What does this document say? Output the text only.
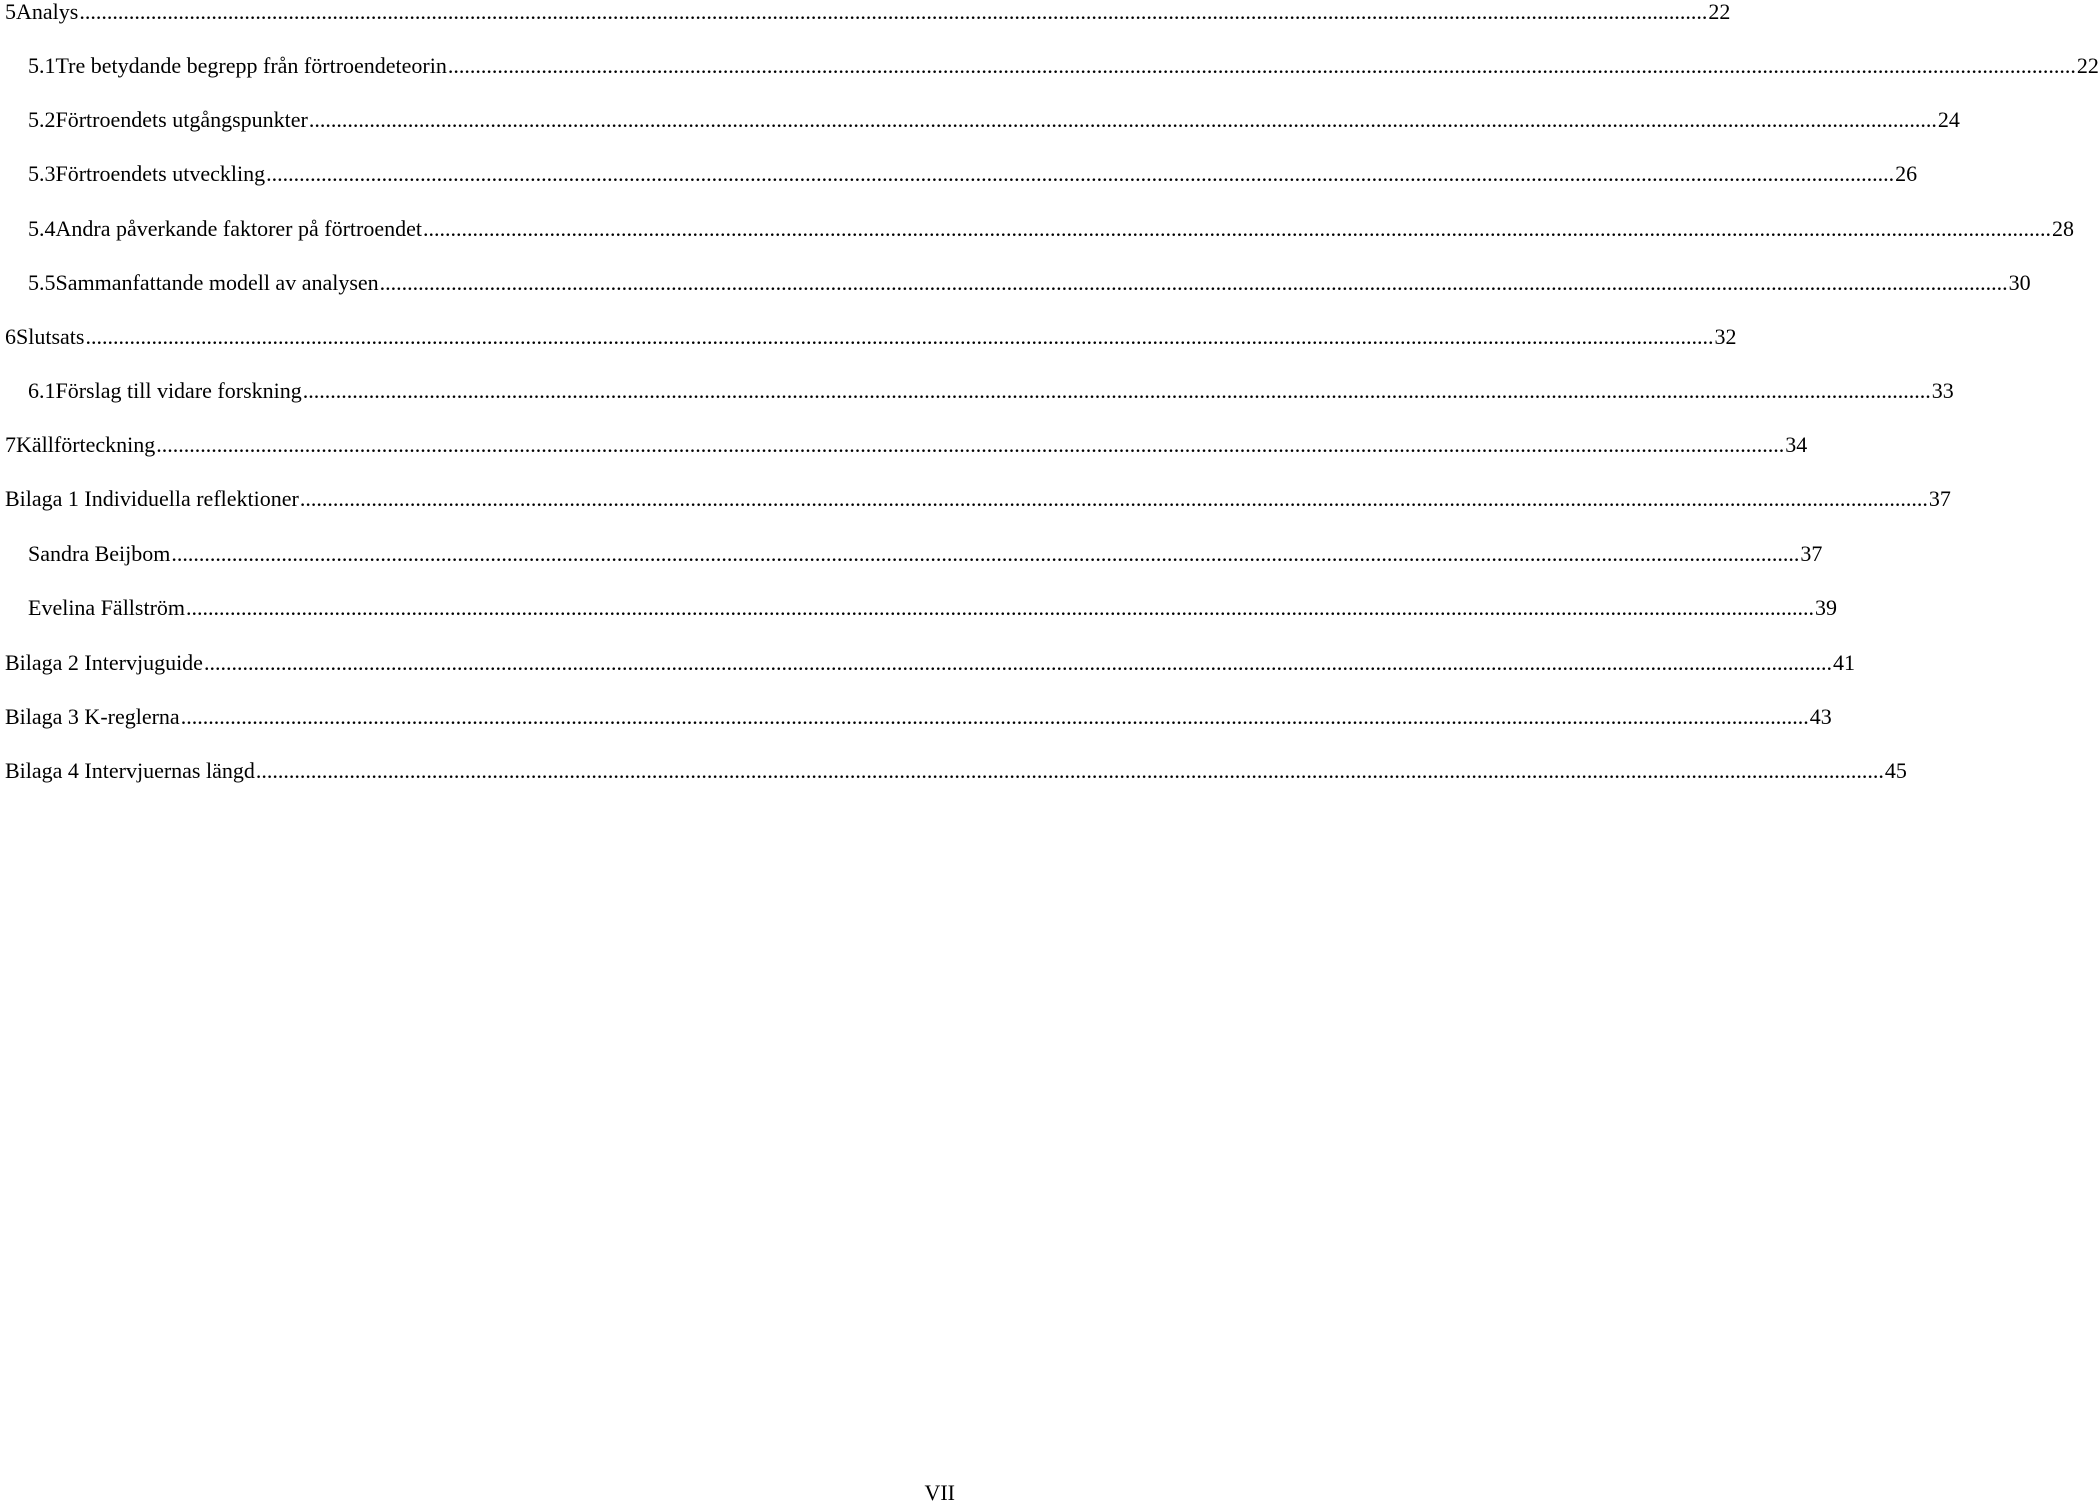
5 Analys .....	22
5.1 Tre betydande begrepp från förtroendeteorin .....	22
5.2 Förtroendets utgångspunkter .....	24
5.3 Förtroendets utveckling .....	26
5.4 Andra påverkande faktorer på förtroendet .....	28
5.5 Sammanfattande modell av analysen .....	30
6 Slutsats .....	32
6.1 Förslag till vidare forskning .....	33
7 Källförteckning .....	34
Bilaga 1 Individuella reflektioner .....	37
Sandra Beijbom .....	37
Evelina Fällström .....	39
Bilaga 2 Intervjuguide .....	41
Bilaga 3 K-reglerna .....	43
Bilaga 4 Intervjuernas längd .....	45
VII
